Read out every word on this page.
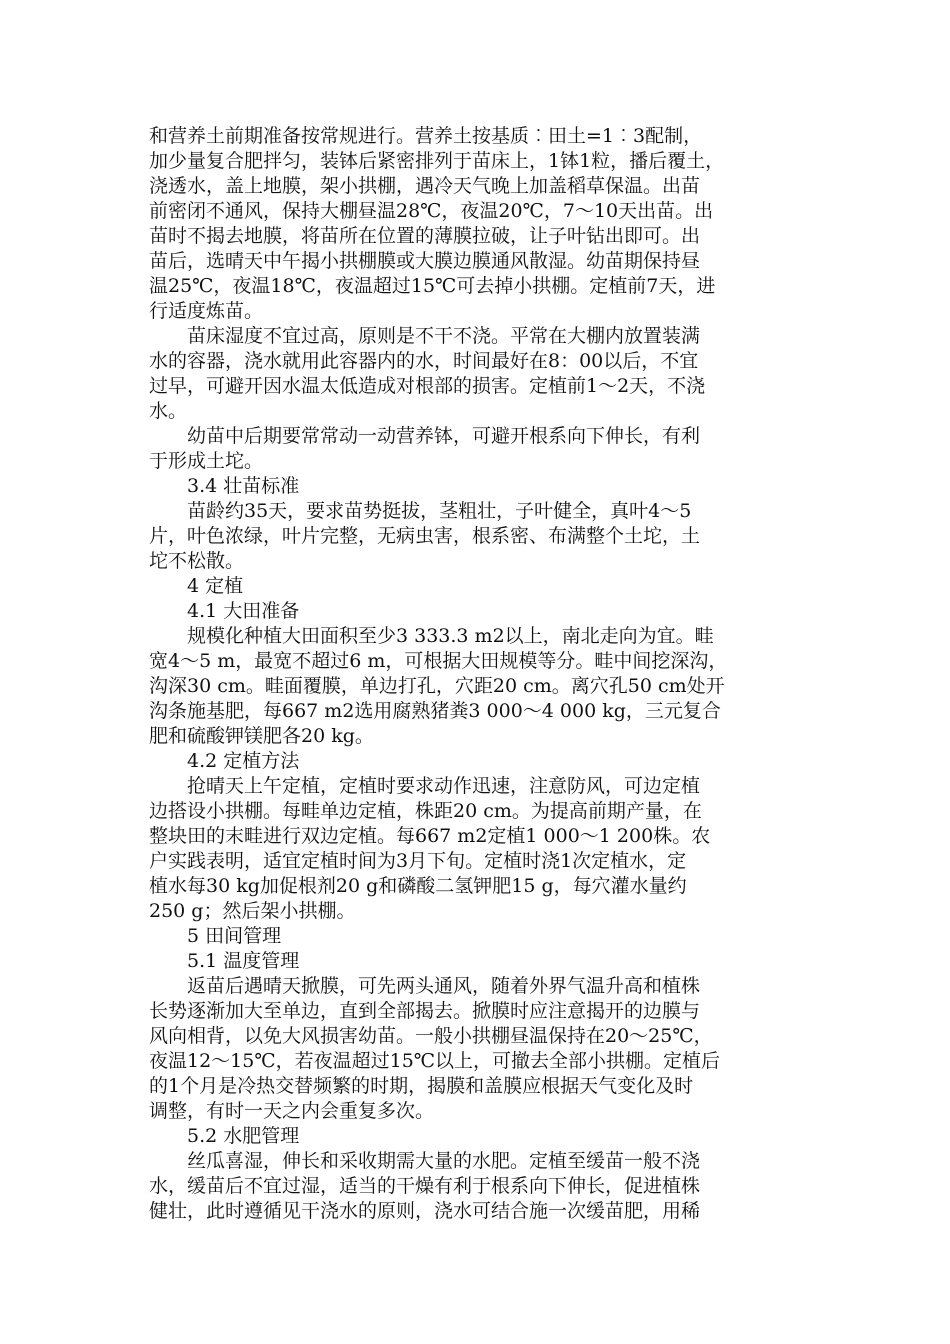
和营养土前期准备按常规进行。营养土按基质︰田土=1︰3配制，
加少量复合肥拌匀，装钵后紧密排列于苗床上，1钵1粒，播后覆土，
浇透水，盖上地膜，架小拱棚，遇冷天气晚上加盖稻草保温。出苗
前密闭不通风，保持大棚昼温28℃，夜温20℃，7～10天出苗。出
苗时不揭去地膜，将苗所在位置的薄膜拉破，让子叶钻出即可。出
苗后，选晴天中午揭小拱棚膜或大膜边膜通风散湿。幼苗期保持昼
温25℃，夜温18℃，夜温超过15℃可去掉小拱棚。定植前7天，进
行适度炼苗。
苗床湿度不宜过高，原则是不干不浇。平常在大棚内放置装满
水的容器，浇水就用此容器内的水，时间最好在8：00以后，不宜
过早，可避开因水温太低造成对根部的损害。定植前1～2天，不浇
水。
幼苗中后期要常常动一动营养钵，可避开根系向下伸长，有利
于形成土坨。
3.4 壮苗标准
苗龄约35天，要求苗势挺拔，茎粗壮，子叶健全，真叶4～5
片，叶色浓绿，叶片完整，无病虫害，根系密、布满整个土坨，土
坨不松散。
4 定植
4.1 大田准备
规模化种植大田面积至少3 333.3 m2以上，南北走向为宜。畦
宽4～5 m，最宽不超过6 m，可根据大田规模等分。畦中间挖深沟，
沟深30 cm。畦面覆膜，单边打孔，穴距20 cm。离穴孔50 cm处开
沟条施基肥，每667 m2选用腐熟猪粪3 000～4 000 kg，三元复合
肥和硫酸钾镁肥各20 kg。
4.2 定植方法
抢晴天上午定植，定植时要求动作迅速，注意防风，可边定植
边搭设小拱棚。每畦单边定植，株距20 cm。为提高前期产量，在
整块田的末畦进行双边定植。每667 m2定植1 000～1 200株。农
户实践表明，适宜定植时间为3月下旬。定植时浇1次定植水，定
植水每30 kg加促根剂20 g和磷酸二氢钾肥15 g，每穴灌水量约
250 g；然后架小拱棚。
5 田间管理
5.1 温度管理
返苗后遇晴天掀膜，可先两头通风，随着外界气温升高和植株
长势逐渐加大至单边，直到全部揭去。掀膜时应注意揭开的边膜与
风向相背，以免大风损害幼苗。一般小拱棚昼温保持在20～25℃，
夜温12～15℃，若夜温超过15℃以上，可撤去全部小拱棚。定植后
的1个月是冷热交替频繁的时期，揭膜和盖膜应根据天气变化及时
调整，有时一天之内会重复多次。
5.2 水肥管理
丝瓜喜湿，伸长和采收期需大量的水肥。定植至缓苗一般不浇
水，缓苗后不宜过湿，适当的干燥有利于根系向下伸长，促进植株
健壮，此时遵循见干浇水的原则，浇水可结合施一次缓苗肥，用稀
